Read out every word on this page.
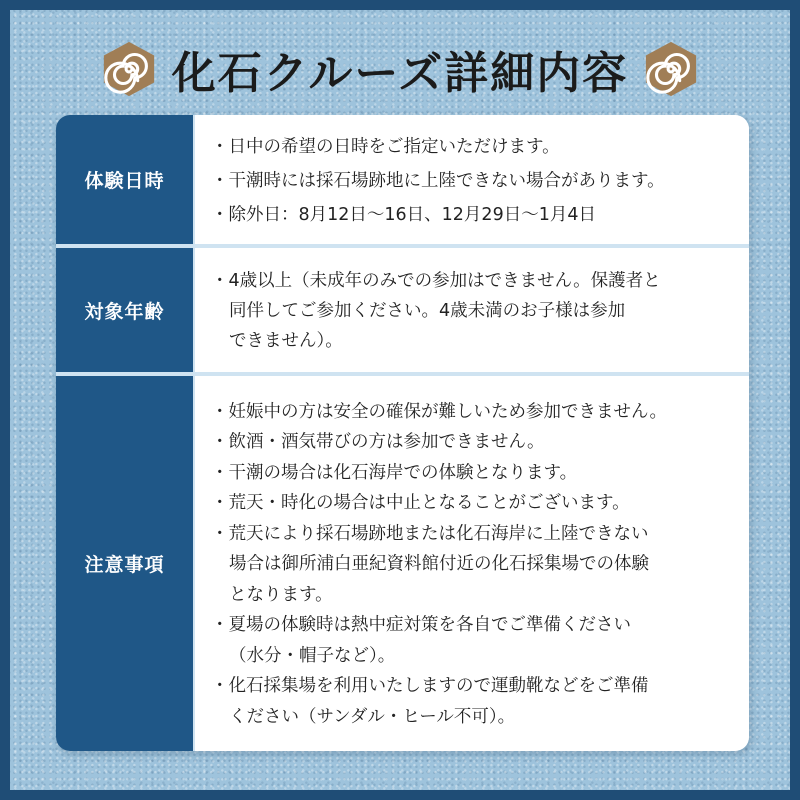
化石クルーズ詳細内容
体験日時
・日中の希望の日時をご指定いただけます。
・干潮時には採石場跡地に上陸できない場合があります。
・除外日：8月12日～16日、12月29日～1月4日
対象年齢
・4歳以上（未成年のみでの参加はできません。保護者と
同伴してご参加ください。4歳未満のお子様は参加
できません）。
注意事項
・妊娠中の方は安全の確保が難しいため参加できません。
・飲酒・酒気帯びの方は参加できません。
・干潮の場合は化石海岸での体験となります。
・荒天・時化の場合は中止となることがございます。
・荒天により採石場跡地または化石海岸に上陸できない
場合は御所浦白亜紀資料館付近の化石採集場での体験
となります。
・夏場の体験時は熱中症対策を各自でご準備ください
（水分・帽子など）。
・化石採集場を利用いたしますので運動靴などをご準備
ください（サンダル・ヒール不可）。
